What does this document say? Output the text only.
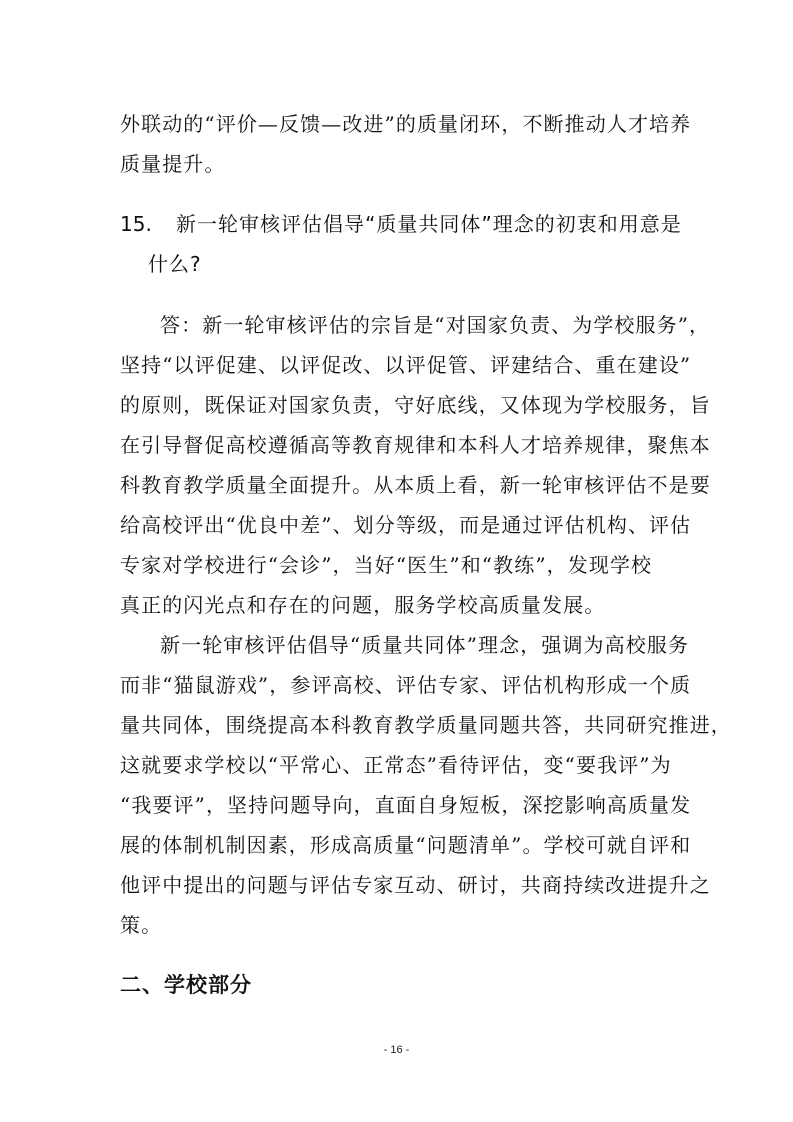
外联动的“评价—反馈—改进”的质量闭环，不断推动人才培养
质量提升。
15. 新一轮审核评估倡导“质量共同体”理念的初衷和用意是
什么?
答：新一轮审核评估的宗旨是“对国家负责、为学校服务”，
坚持“以评促建、以评促改、以评促管、评建结合、重在建设”
的原则，既保证对国家负责，守好底线，又体现为学校服务，旨
在引导督促高校遵循高等教育规律和本科人才培养规律，聚焦本
科教育教学质量全面提升。从本质上看，新一轮审核评估不是要
给高校评出“优良中差”、划分等级，而是通过评估机构、评估
专家对学校进行“会诊”，当好“医生”和“教练”，发现学校
真正的闪光点和存在的问题，服务学校高质量发展。
新一轮审核评估倡导“质量共同体”理念，强调为高校服务
而非“猫鼠游戏”，参评高校、评估专家、评估机构形成一个质
量共同体，围绕提高本科教育教学质量同题共答，共同研究推进，
这就要求学校以“平常心、正常态”看待评估，变“要我评”为
“我要评”，坚持问题导向，直面自身短板，深挖影响高质量发
展的体制机制因素，形成高质量“问题清单”。学校可就自评和
他评中提出的问题与评估专家互动、研讨，共商持续改进提升之
策。
二、学校部分
- 16 -
